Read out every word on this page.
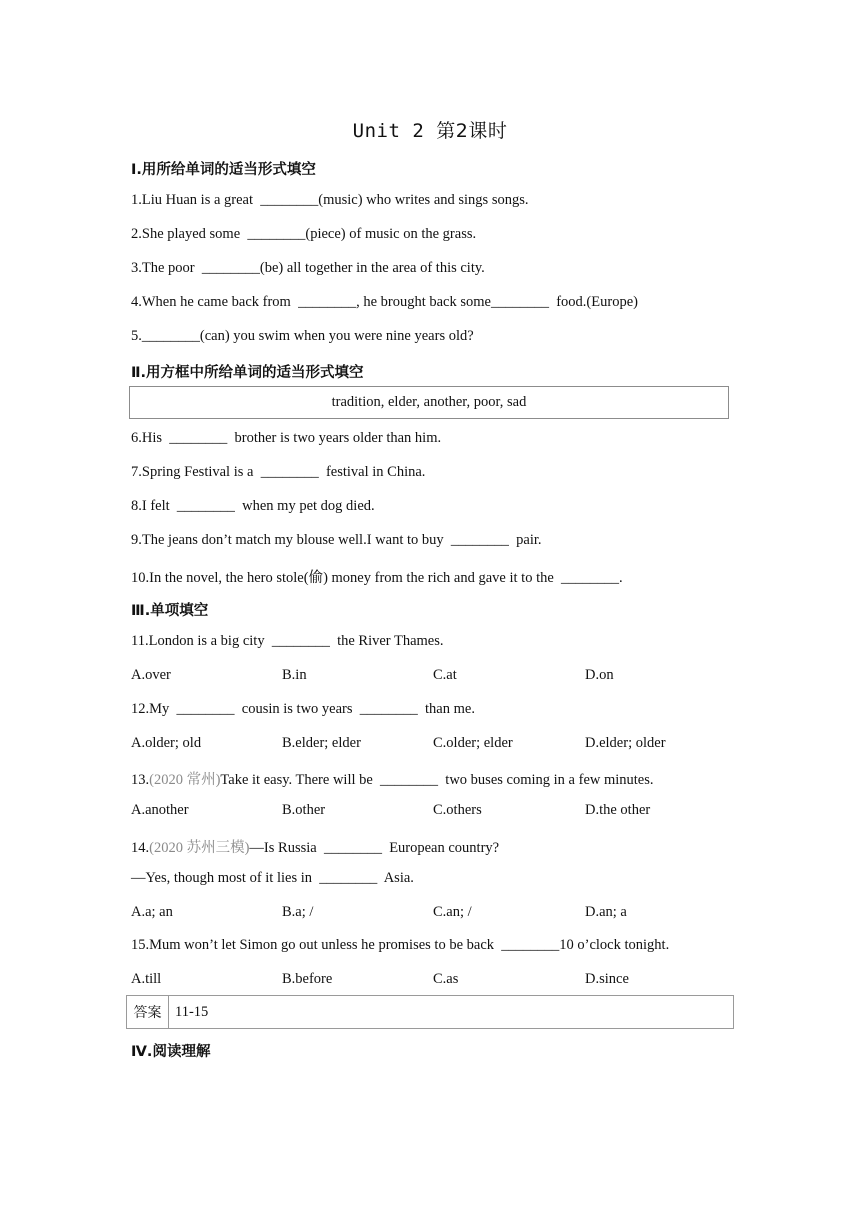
Unit 2 第2课时
Ⅰ.用所给单词的适当形式填空
1.Liu Huan is a great  ________(music) who writes and sings songs.
2.She played some  ________(piece) of music on the grass.
3.The poor  ________(be) all together in the area of this city.
4.When he came back from  ________, he brought back some________  food.(Europe)
5.________(can) you swim when you were nine years old?
Ⅱ.用方框中所给单词的适当形式填空
tradition, elder, another, poor, sad
6.His  ________  brother is two years older than him.
7.Spring Festival is a  ________  festival in China.
8.I felt  ________  when my pet dog died.
9.The jeans don’t match my blouse well.I want to buy  ________  pair.
10.In the novel, the hero stole(偷) money from the rich and gave it to the  ________.
Ⅲ.单项填空
11.London is a big city  ________  the River Thames.
A.over	B.in	C.at	D.on
12.My  ________  cousin is two years  ________  than me.
A.older; old	B.elder; elder	C.older; elder	D.elder; older
13.(2020 常州)Take it easy. There will be  ________  two buses coming in a few minutes.
A.another	B.other	C.others	D.the other
14.(2020 苏州三模)—Is Russia  ________  European country?
—Yes, though most of it lies in  ________  Asia.
A.a; an	B.a; /	C.an; /	D.an; a
15.Mum won’t let Simon go out unless he promises to be back  ________10 o’clock tonight.
A.till	B.before	C.as	D.since
答案 11-15
Ⅳ.阅读理解
